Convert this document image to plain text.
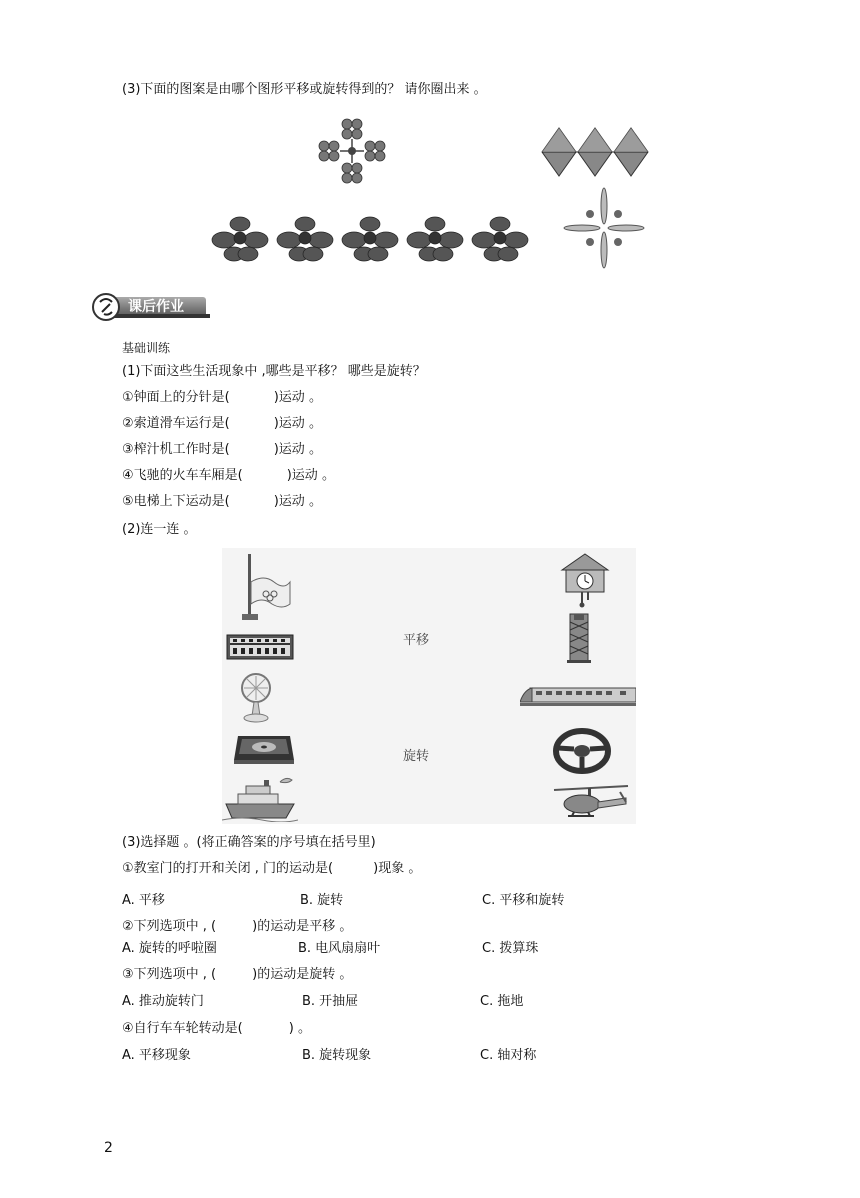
(3)下面的图案是由哪个图形平移或旋转得到的？ 请你圈出来 。
课后作业
基础训练
(1)下面这些生活现象中 ,哪些是平移？ 哪些是旋转？
①钟面上的分针是(	)运动 。
②索道滑车运行是(	)运动 。
③榨汁机工作时是(	)运动 。
④飞驰的火车车厢是(	)运动 。
⑤电梯上下运动是(	)运动 。
(2)连一连 。
平移
旋转
(3)选择题 。(将正确答案的序号填在括号里)
①教室门的打开和关闭 , 门的运动是(	)现象 。
A. 平移	B. 旋转	C. 平移和旋转
②下列选项中 , (	)的运动是平移 。
A. 旋转的呼啦圈	B. 电风扇扇叶	C. 拨算珠
③下列选项中 , (	)的运动是旋转 。
A. 推动旋转门	B. 开抽屉	C. 拖地
④自行车车轮转动是(	) 。
A. 平移现象	B. 旋转现象	C. 轴对称
2
